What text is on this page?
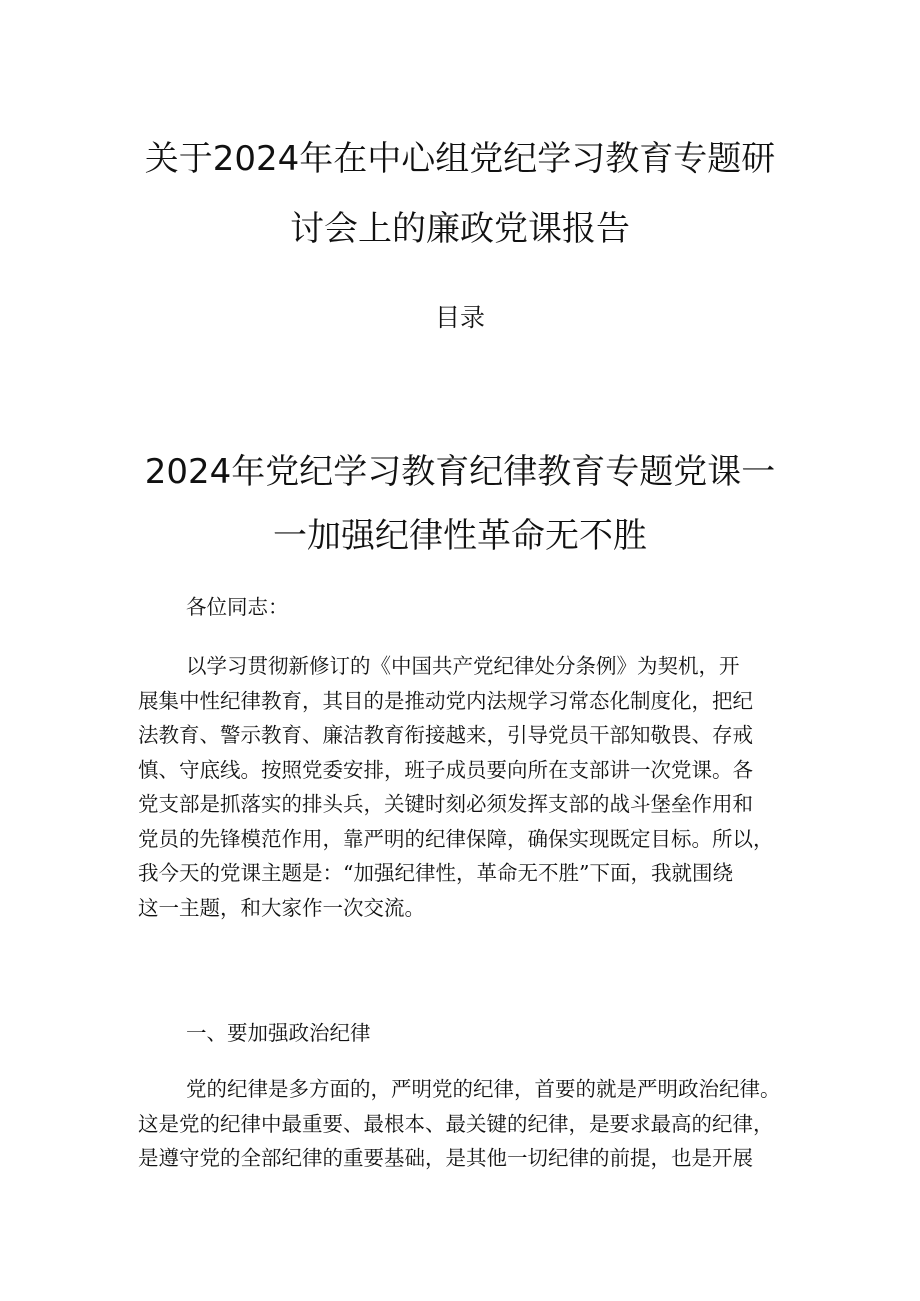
关于2024年在中心组党纪学习教育专题研
讨会上的廉政党课报告
目录
2024年党纪学习教育纪律教育专题党课一
一加强纪律性革命无不胜

各位同志：

以学习贯彻新修订的《中国共产党纪律处分条例》为契机，开
展集中性纪律教育，其目的是推动党内法规学习常态化制度化，把纪
法教育、警示教育、廉洁教育衔接越来，引导党员干部知敬畏、存戒
慎、守底线。按照党委安排，班子成员要向所在支部讲一次党课。各
党支部是抓落实的排头兵，关键时刻必须发挥支部的战斗堡垒作用和
党员的先锋模范作用，靠严明的纪律保障，确保实现既定目标。所以，
我今天的党课主题是：“加强纪律性，革命无不胜”下面，我就围绕
这一主题，和大家作一次交流。

一、要加强政治纪律

党的纪律是多方面的，严明党的纪律，首要的就是严明政治纪律。
这是党的纪律中最重要、最根本、最关键的纪律，是要求最高的纪律，
是遵守党的全部纪律的重要基础，是其他一切纪律的前提，也是开展
